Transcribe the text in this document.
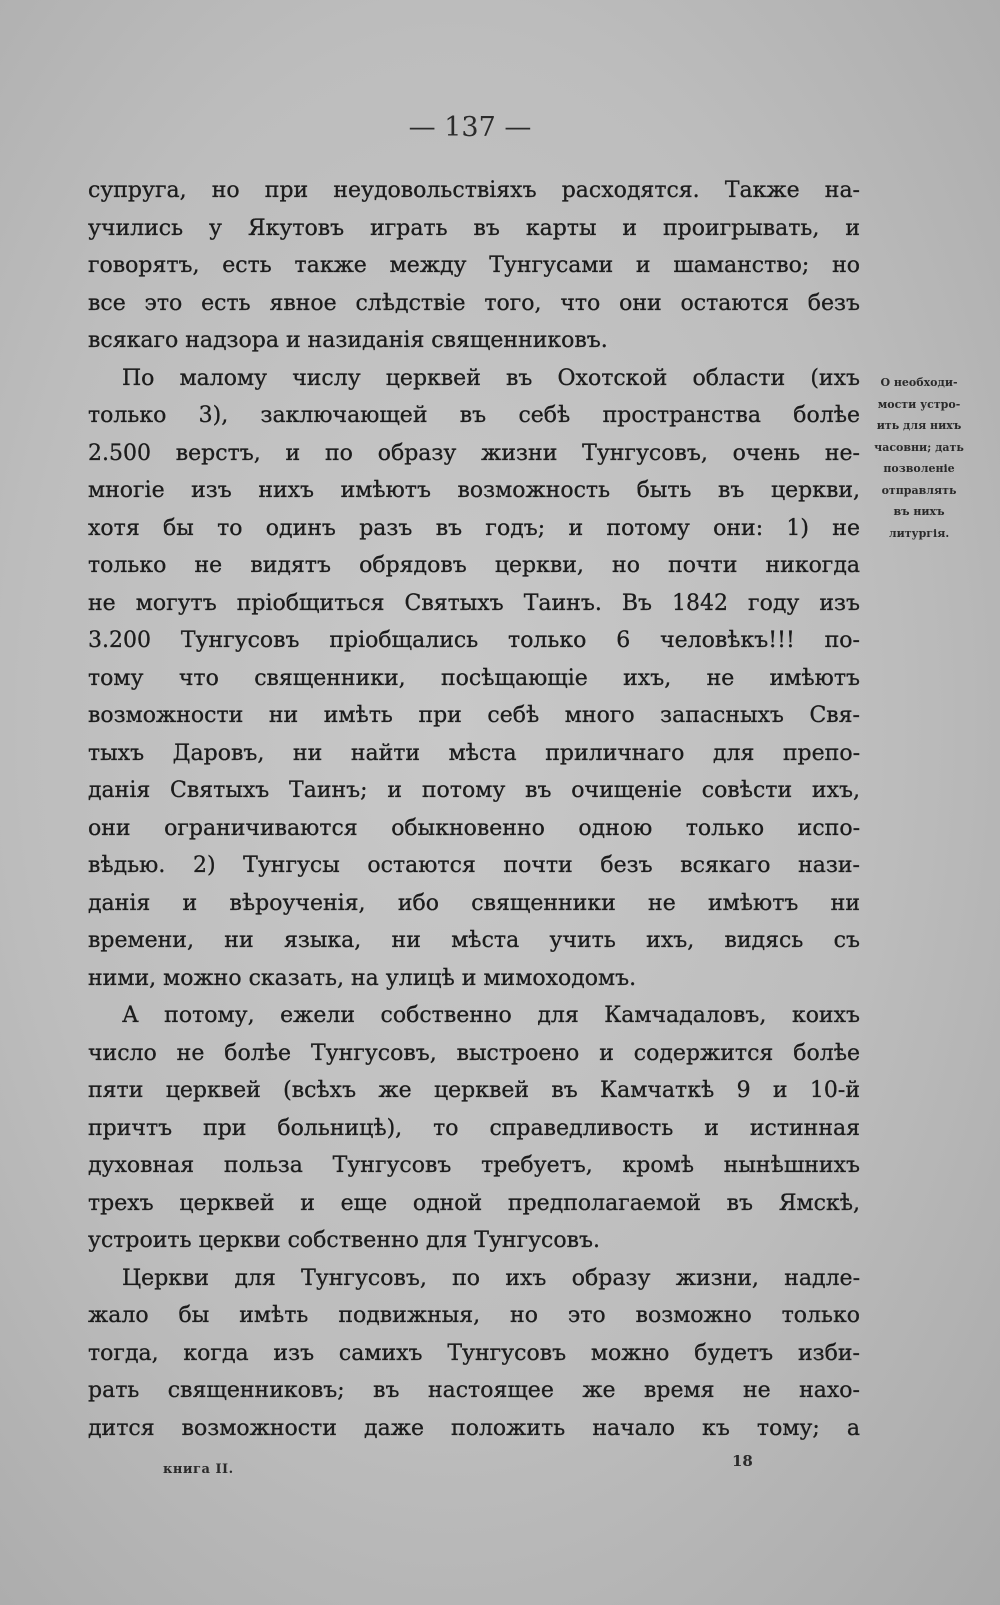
— 137 —
супруга, но при неудовольствіяхъ расходятся. Также на-
учились у Якутовъ играть въ карты и проигрывать, и
говорятъ, есть также между Тунгусами и шаманство; но
все это есть явное слѣдствіе того, что они остаются безъ
всякаго надзора и назиданія священниковъ.
По малому числу церквей въ Охотской области (ихъ
только 3), заключающей въ себѣ пространства болѣе
2.500 верстъ, и по образу жизни Тунгусовъ, очень не-
многіе изъ нихъ имѣютъ возможность быть въ церкви,
хотя бы то одинъ разъ въ годъ; и потому они: 1) не
только не видятъ обрядовъ церкви, но почти никогда
не могутъ пріобщиться Святыхъ Таинъ. Въ 1842 году изъ
3.200 Тунгусовъ пріобщались только 6 человѣкъ!!! по-
тому что священники, посѣщающіе ихъ, не имѣютъ
возможности ни имѣть при себѣ много запасныхъ Свя-
тыхъ Даровъ, ни найти мѣста приличнаго для препо-
данія Святыхъ Таинъ; и потому въ очищеніе совѣсти ихъ,
они ограничиваются обыкновенно одною только испо-
вѣдью. 2) Тунгусы остаются почти безъ всякаго нази-
данія и вѣроученія, ибо священники не имѣютъ ни
времени, ни языка, ни мѣста учить ихъ, видясь съ
ними, можно сказать, на улицѣ и мимоходомъ.
А потому, ежели собственно для Камчадаловъ, коихъ
число не болѣе Тунгусовъ, выстроено и содержится болѣе
пяти церквей (всѣхъ же церквей въ Камчаткѣ 9 и 10-й
причтъ при больницѣ), то справедливость и истинная
духовная польза Тунгусовъ требуетъ, кромѣ нынѣшнихъ
трехъ церквей и еще одной предполагаемой въ Ямскѣ,
устроить церкви собственно для Тунгусовъ.
Церкви для Тунгусовъ, по ихъ образу жизни, надле-
жало бы имѣть подвижныя, но это возможно только
тогда, когда изъ самихъ Тунгусовъ можно будетъ изби-
рать священниковъ; въ настоящее же время не нахо-
дится возможности даже положить начало къ тому; а
О необходи-
мости устро-
ить для нихъ
часовни; дать
позволеніе
отправлять
въ нихъ
литургія.
книга II.	18
